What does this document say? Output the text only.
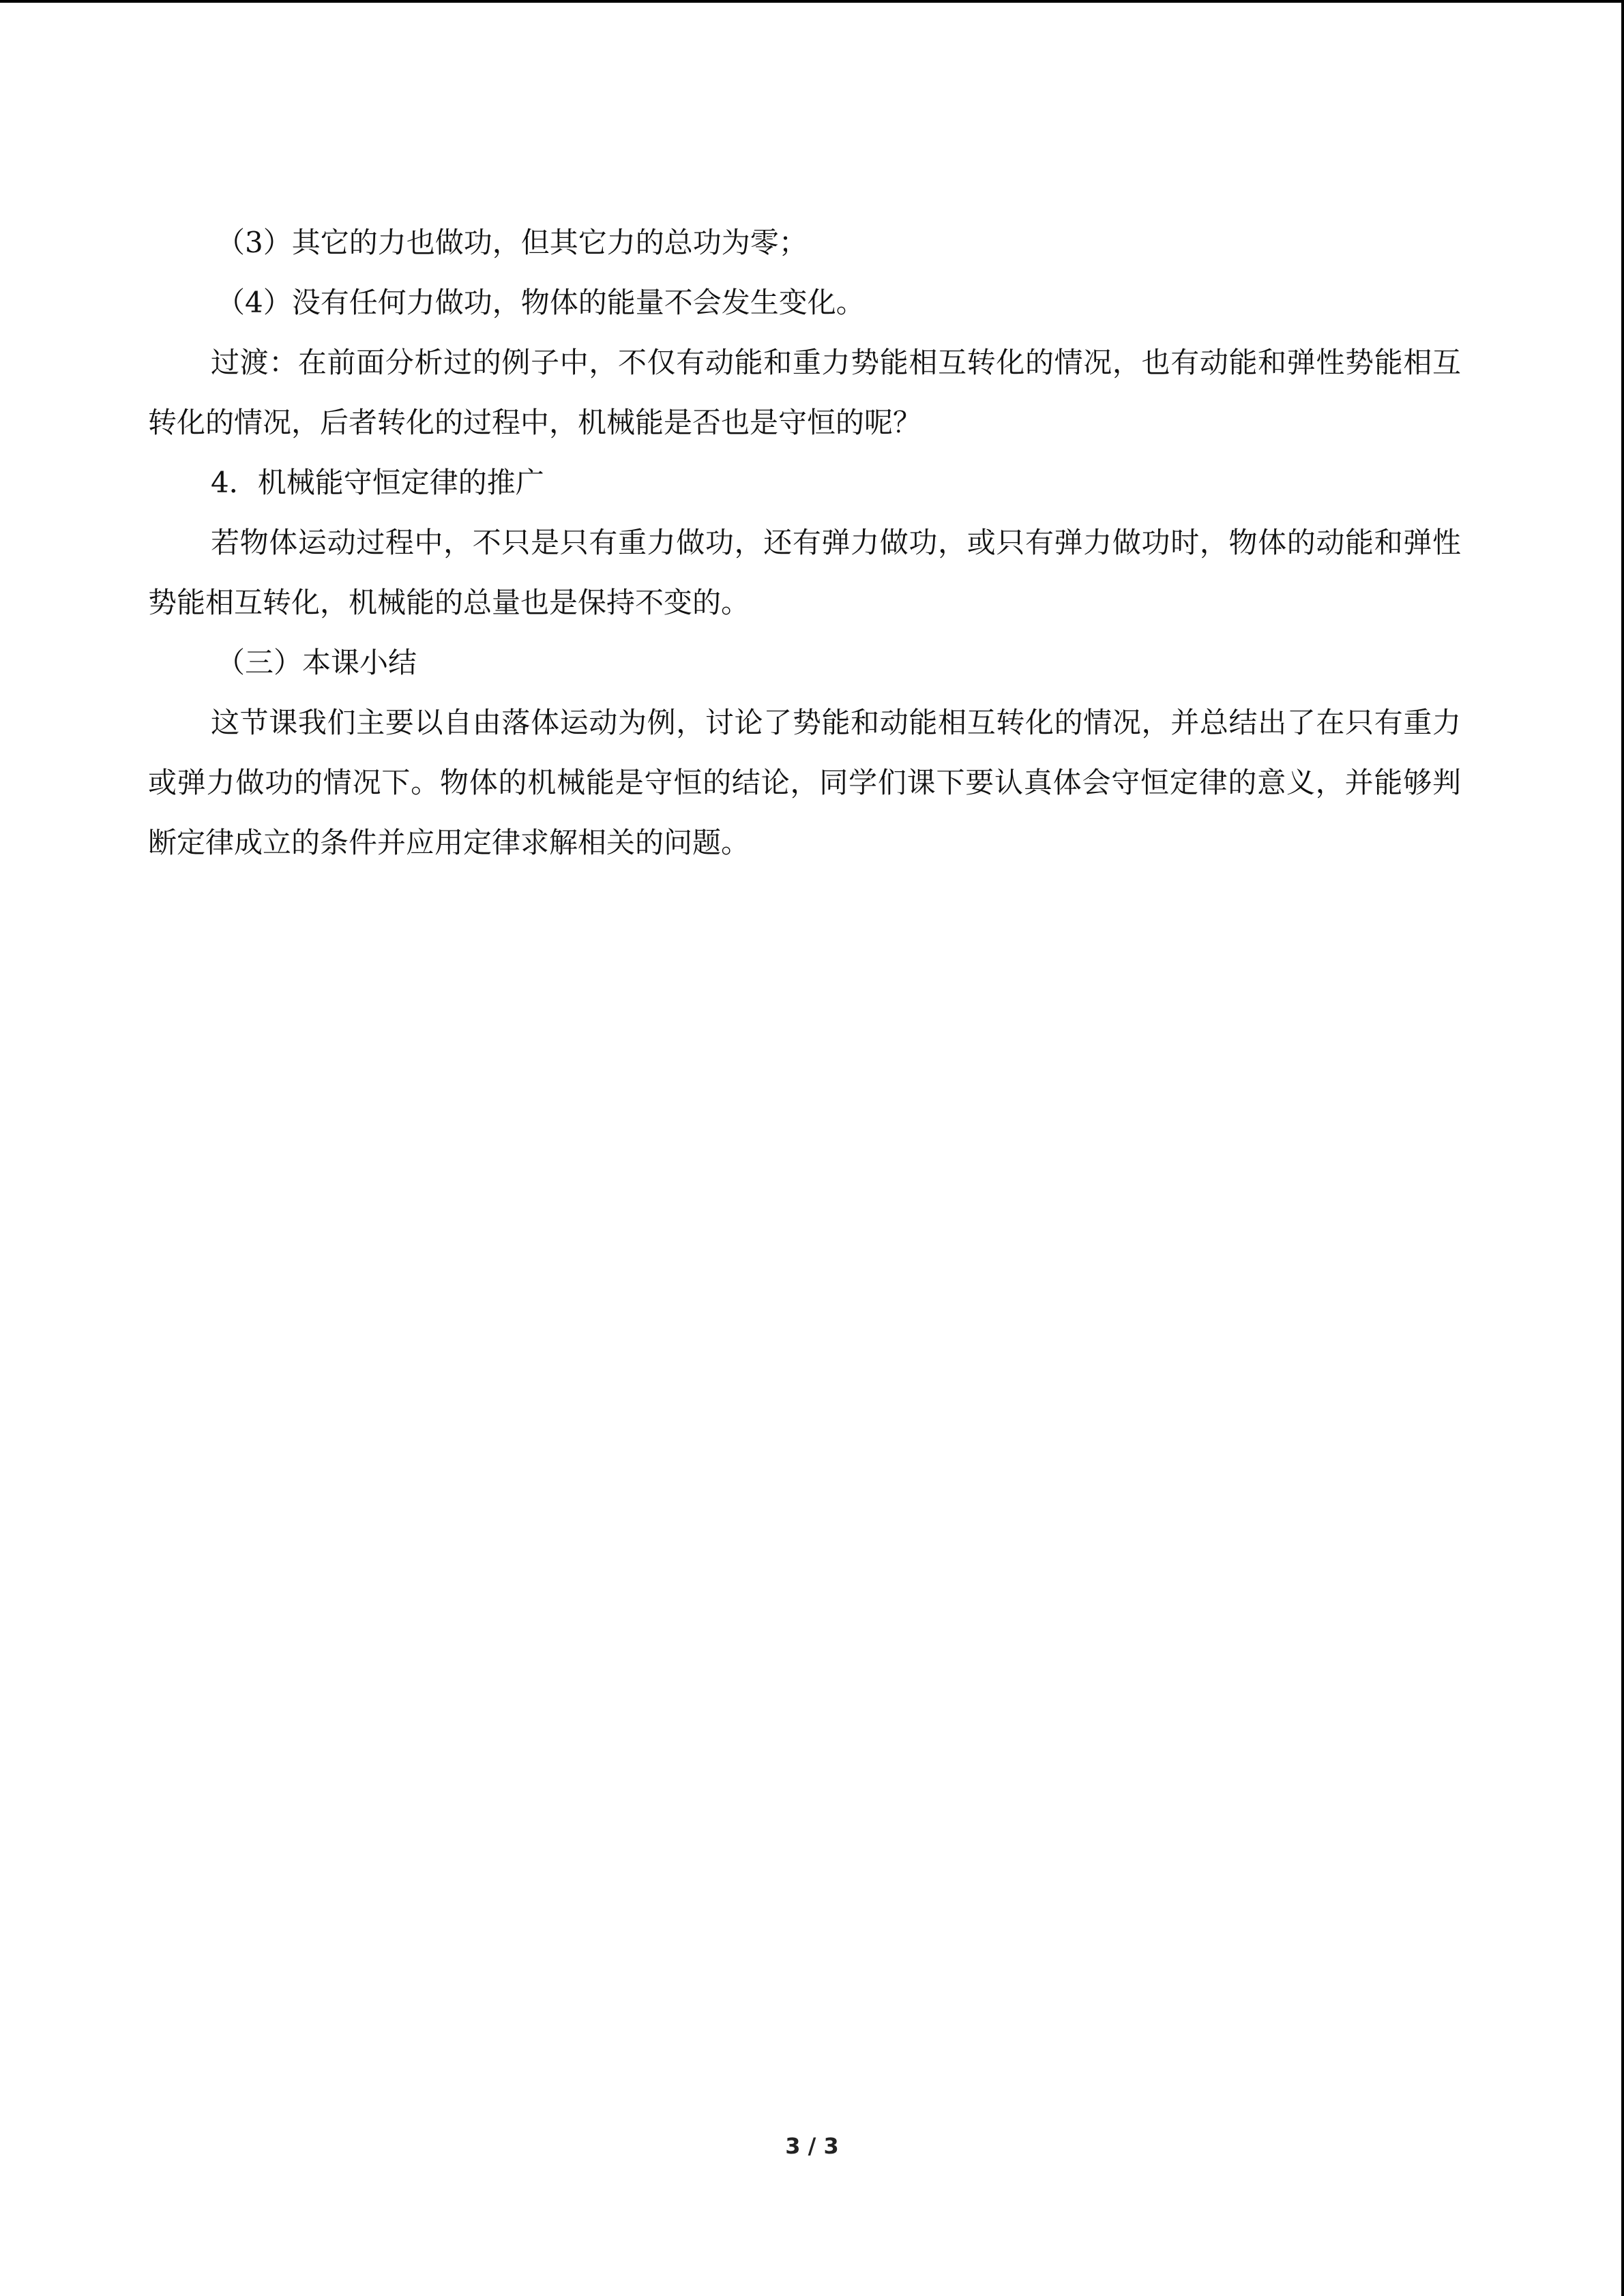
（3）其它的力也做功，但其它力的总功为零；

（4）没有任何力做功，物体的能量不会发生变化。

过渡：在前面分析过的例子中，不仅有动能和重力势能相互转化的情况，也有动能和弹性势能相互转化的情况，后者转化的过程中，机械能是否也是守恒的呢？

4．机械能守恒定律的推广

若物体运动过程中，不只是只有重力做功，还有弹力做功，或只有弹力做功时，物体的动能和弹性势能相互转化，机械能的总量也是保持不变的。

（三）本课小结

这节课我们主要以自由落体运动为例，讨论了势能和动能相互转化的情况，并总结出了在只有重力或弹力做功的情况下。物体的机械能是守恒的结论，同学们课下要认真体会守恒定律的意义，并能够判断定律成立的条件并应用定律求解相关的问题。

3 / 3
